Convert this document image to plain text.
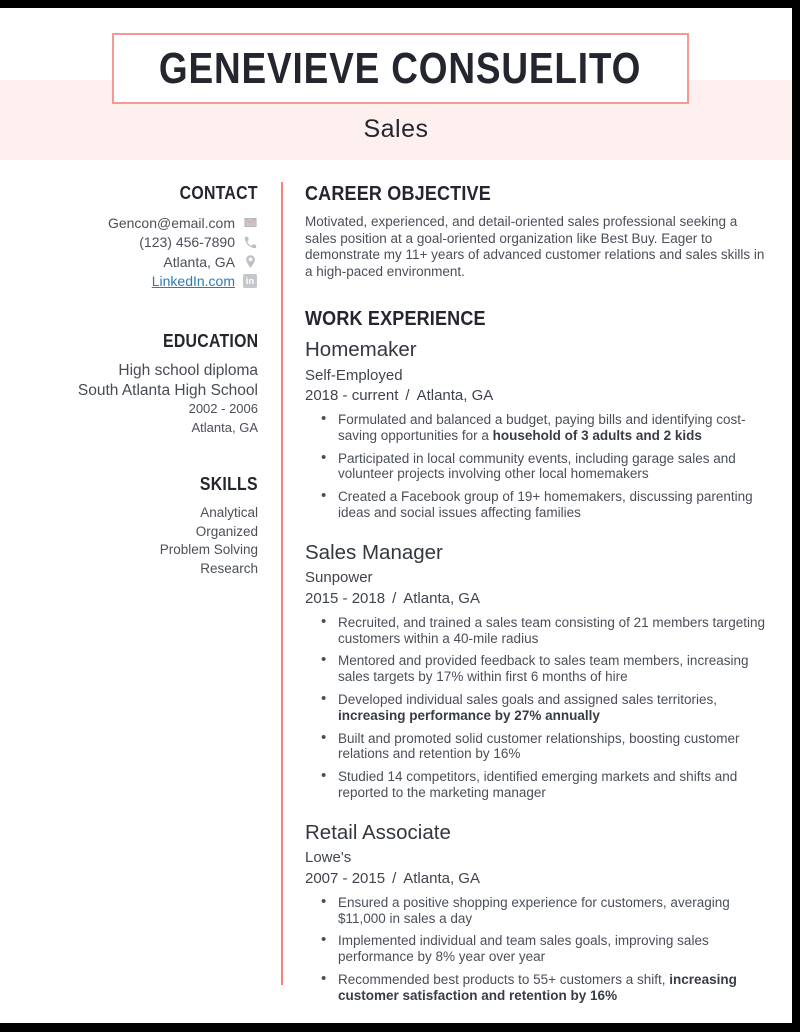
GENEVIEVE CONSUELITO
Sales
CONTACT
Gencon@email.com
(123) 456-7890
Atlanta, GA
LinkedIn.com in
EDUCATION
High school diploma
South Atlanta High School
2002 - 2006
Atlanta, GA
SKILLS
Analytical
Organized
Problem Solving
Research
CAREER OBJECTIVE

Motivated, experienced, and detail-oriented sales professional seeking a sales position at a goal-oriented organization like Best Buy. Eager to demonstrate my 11+ years of advanced customer relations and sales skills in a high-paced environment.

WORK EXPERIENCE
Homemaker
Self-Employed
2018 - current / Atlanta, GA
• Formulated and balanced a budget, paying bills and identifying cost-saving opportunities for a household of 3 adults and 2 kids
• Participated in local community events, including garage sales and volunteer projects involving other local homemakers
• Created a Facebook group of 19+ homemakers, discussing parenting ideas and social issues affecting families
Sales Manager
Sunpower
2015 - 2018 / Atlanta, GA
• Recruited, and trained a sales team consisting of 21 members targeting customers within a 40-mile radius
• Mentored and provided feedback to sales team members, increasing sales targets by 17% within first 6 months of hire
• Developed individual sales goals and assigned sales territories, increasing performance by 27% annually
• Built and promoted solid customer relationships, boosting customer relations and retention by 16%
• Studied 14 competitors, identified emerging markets and shifts and reported to the marketing manager
Retail Associate
Lowe's
2007 - 2015 / Atlanta, GA
• Ensured a positive shopping experience for customers, averaging $11,000 in sales a day
• Implemented individual and team sales goals, improving sales performance by 8% year over year
• Recommended best products to 55+ customers a shift, increasing customer satisfaction and retention by 16%
